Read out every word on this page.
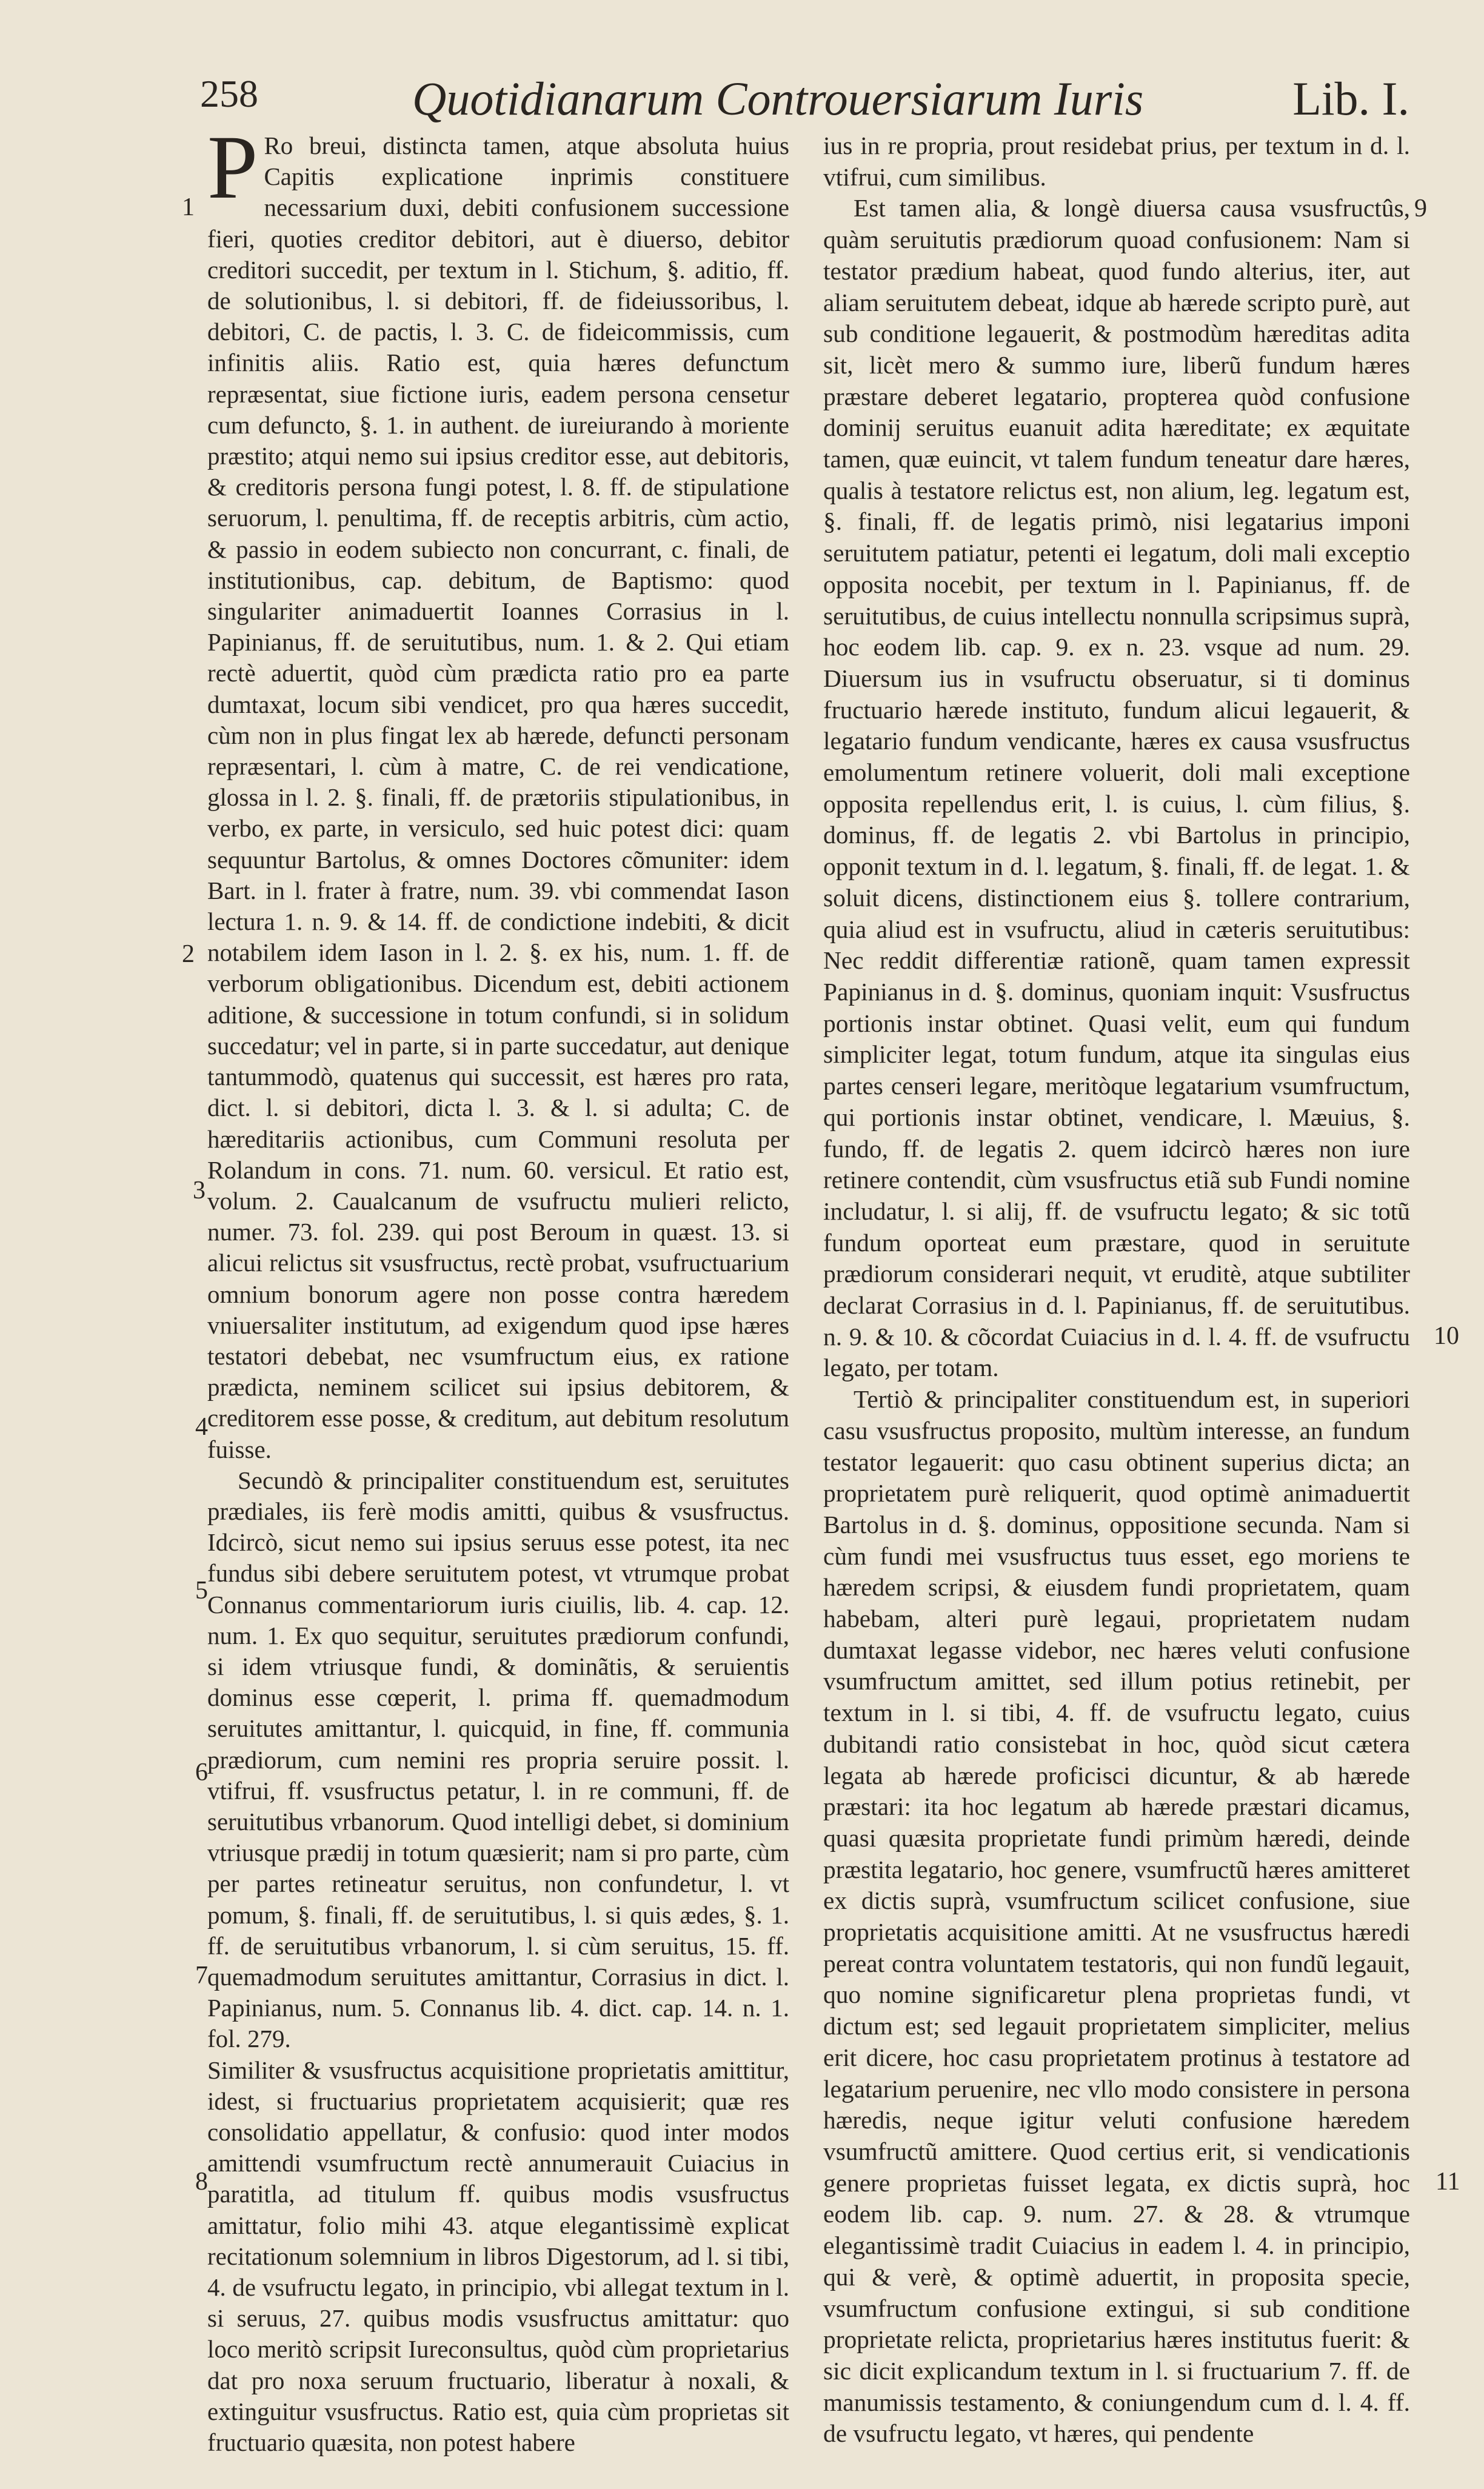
258	Quotidianarum Controuersiarum Iuris	Lib. I.
1
2
3
4
5
6
7
8
9
10
11

P Ro breui, distincta tamen, atque absoluta huius Capitis explicatione inprimis constituere necessarium duxi, debiti confusionem successione fieri, quoties creditor debitori, aut è diuerso, debitor creditori succedit, per textum in l. Stichum, §. aditio, ff. de solutionibus, l. si debitori, ff. de fideiussoribus, l. debitori, C. de pactis, l. 3. C. de fideicommissis, cum infinitis aliis. Ratio est, quia hæres defunctum repræsentat, siue fictione iuris, eadem persona censetur cum defuncto, §. 1. in authent. de iureiurando à moriente præstito; atqui nemo sui ipsius creditor esse, aut debitoris, & creditoris personа fungi potest, l. 8. ff. de stipulatione seruorum, l. penultima, ff. de receptis arbitris, cùm actio, & passio in eodem subiecto non concurrant, c. finali, de institutionibus, cap. debitum, de Baptismo: quod singulariter animaduertit Ioannes Corrasius in l. Papinianus, ff. de seruitutibus, num. 1. & 2. Qui etiam rectè aduertit, quòd cùm prædicta ratio pro ea parte dumtaxat, locum sibi vendicet, pro qua hæres succedit, cùm non in plus fingat lex ab hærede, defuncti personam repræsentari, l. cùm à matre, C. de rei vendicatione, glossa in l. 2. §. finali, ff. de prætoriis stipulationibus, in verbo, ex parte, in versiculo, sed huic potest dici: quam sequuntur Bartolus, & omnes Doctores cõmuniter: idem Bart. in l. frater à fratre, num. 39. vbi commendat Iason lectura 1. n. 9. & 14. ff. de condictione indebiti, & dicit notabilem idem Iason in l. 2. §. ex his, num. 1. ff. de verborum obligationibus. Dicendum est, debiti actionem aditione, & successione in totum confundi, si in solidum succedatur; vel in parte, si in parte succedatur, aut denique tantummodò, quatenus qui successit, est hæres pro rata, dict. l. si debitori, dicta l. 3. & l. si adulta; C. de hæreditariis actionibus, cum Communi resoluta per Rolandum in cons. 71. num. 60. versicul. Et ratio est, volum. 2. Caualcanum de vsufructu mulieri relicto, numer. 73. fol. 239. qui post Beroum in quæst. 13. si alicui relictus sit vsusfructus, rectè probat, vsufructuarium omnium bonorum agere non posse contra hæredem vniuersaliter institutum, ad exigendum quod ipse hæres testatori debebat, nec vsumfructum eius, ex ratione prædicta, neminem scilicet sui ipsius debitorem, & creditorem esse posse, & creditum, aut debitum resolutum fuisse.

Secundò & principaliter constituendum est, seruitutes prædiales, iis ferè modis amitti, quibus & vsusfructus. Idcircò, sicut nemo sui ipsius seruus esse potest, ita nec fundus sibi debere seruitutem potest, vt vtrumque probat Connanus commentariorum iuris ciuilis, lib. 4. cap. 12. num. 1. Ex quo sequitur, seruitutes prædiorum confundi, si idem vtriusque fundi, & dominãtis, & seruientis dominus esse cœperit, l. prima ff. quemadmodum seruitutes amittantur, l. quicquid, in fine, ff. communia prædiorum, cum nemini res propria seruire possit. l. vtifrui, ff. vsusfructus petatur, l. in re communi, ff. de seruitutibus vrbanorum. Quod intelligi debet, si dominium vtriusque prædij in totum quæsierit; nam si pro parte, cùm per partes retineatur seruitus, non confundetur, l. vt pomum, §. finali, ff. de seruitutibus, l. si quis ædes, §. 1. ff. de seruitutibus vrbanorum, l. si cùm seruitus, 15. ff. quemadmodum seruitutes amittantur, Corrasius in dict. l. Papinianus, num. 5. Connanus lib. 4. dict. cap. 14. n. 1. fol. 279.

Similiter & vsusfructus acquisitione proprietatis amittitur, idest, si fructuarius proprietatem acquisierit; quæ res consolidatio appellatur, & confusio: quod inter modos amittendi vsumfructum rectè annumerauit Cuiacius in paratitla, ad titulum ff. quibus modis vsusfructus amittatur, folio mihi 43. atque elegantissimè explicat recitationum solemnium in libros Digestorum, ad l. si tibi, 4. de vsufructu legato, in principio, vbi allegat textum in l. si seruus, 27. quibus modis vsusfructus amittatur: quo loco meritò scripsit Iureconsultus, quòd cùm proprietarius dat pro noxa seruum fructuario, liberatur à noxali, & extinguitur vsusfructus. Ratio est, quia cùm proprietas sit fructuario quæsita, non potest habere

ius in re propria, prout residebat prius, per textum in d. l. vtifrui, cum similibus.

Est tamen alia, & longè diuersa causa vsusfructûs, quàm seruitutis prædiorum quoad confusionem: Nam si testator prædium habeat, quod fundo alterius, iter, aut aliam seruitutem debeat, idque ab hærede scripto purè, aut sub conditione legauerit, & postmodùm hæreditas adita sit, licèt mero & summo iure, liberũ fundum hæres præstare deberet legatario, propterea quòd confusione dominij seruitus euanuit adita hæreditate; ex æquitate tamen, quæ euincit, vt talem fundum teneatur dare hæres, qualis à testatore relictus est, non alium, leg. legatum est, §. finali, ff. de legatis primò, nisi legatarius imponi seruitutem patiatur, petenti ei legatum, doli mali exceptio opposita nocebit, per textum in l. Papinianus, ff. de seruitutibus, de cuius intellectu nonnulla scripsimus suprà, hoc eodem lib. cap. 9. ex n. 23. vsque ad num. 29. Diuersum ius in vsufructu obseruatur, si ti dominus fructuario hærede instituto, fundum alicui legauerit, & legatario fundum vendicante, hæres ex causa vsusfructus emolumentum retinere voluerit, doli mali exceptione opposita repellendus erit, l. is cuius, l. cùm filius, §. dominus, ff. de legatis 2. vbi Bartolus in principio, opponit textum in d. l. legatum, §. finali, ff. de legat. 1. & soluit dicens, distinctionem eius §. tollere contrarium, quia aliud est in vsufructu, aliud in cæteris seruitutibus: Nec reddit differentiæ rationẽ, quam tamen expressit Papinianus in d. §. dominus, quoniam inquit: Vsusfructus portionis instar obtinet. Quasi velit, eum qui fundum simpliciter legat, totum fundum, atque ita singulas eius partes censeri legare, meritòque legatarium vsumfructum, qui portionis instar obtinet, vendicare, l. Mæuius, §. fundo, ff. de legatis 2. quem idcircò hæres non iure retinere contendit, cùm vsusfructus etiã sub Fundi nomine includatur, l. si alij, ff. de vsufructu legato; & sic totũ fundum oporteat eum præstare, quod in seruitute prædiorum considerari nequit, vt eruditè, atque subtiliter declarat Corrasius in d. l. Papinianus, ff. de seruitutibus. n. 9. & 10. & cõcordat Cuiacius in d. l. 4. ff. de vsufructu legato, per totam.

Tertiò & principaliter constituendum est, in superiori casu vsusfructus proposito, multùm interesse, an fundum testator legauerit: quo casu obtinent superius dicta; an proprietatem purè reliquerit, quod optimè animaduertit Bartolus in d. §. dominus, oppositione secunda. Nam si cùm fundi mei vsusfructus tuus esset, ego moriens te hæredem scripsi, & eiusdem fundi proprietatem, quam habebam, alteri purè legaui, proprietatem nudam dumtaxat legasse videbor, nec hæres veluti confusione vsumfructum amittet, sed illum potius retinebit, per textum in l. si tibi, 4. ff. de vsufructu legato, cuius dubitandi ratio consistebat in hoc, quòd sicut cætera legata ab hærede proficisci dicuntur, & ab hærede præstari: ita hoc legatum ab hærede præstari dicamus, quasi quæsita proprietate fundi primùm hæredi, deinde præstita legatario, hoc genere, vsumfructũ hæres amitteret ex dictis suprà, vsumfructum scilicet confusione, siue proprietatis acquisitione amitti. At ne vsusfructus hæredi pereat contra voluntatem testatoris, qui non fundũ legauit, quo nomine significaretur plena proprietas fundi, vt dictum est; sed legauit proprietatem simpliciter, melius erit dicere, hoc casu proprietatem protinus à testatore ad legatarium peruenire, nec vllo modo consistere in persona hæredis, neque igitur veluti confusione hæredem vsumfructũ amittere. Quod certius erit, si vendicationis genere proprietas fuisset legata, ex dictis suprà, hoc eodem lib. cap. 9. num. 27. & 28. & vtrumque elegantissimè tradit Cuiacius in eadem l. 4. in principio, qui & verè, & optimè aduertit, in proposita specie, vsumfructum confusione extingui, si sub conditione proprietate relicta, proprietarius hæres institutus fuerit: & sic dicit explicandum textum in l. si fructuarium 7. ff. de manumissis testamento, & coniungendum cum d. l. 4. ff. de vsufructu legato, vt hæres, qui pendente
